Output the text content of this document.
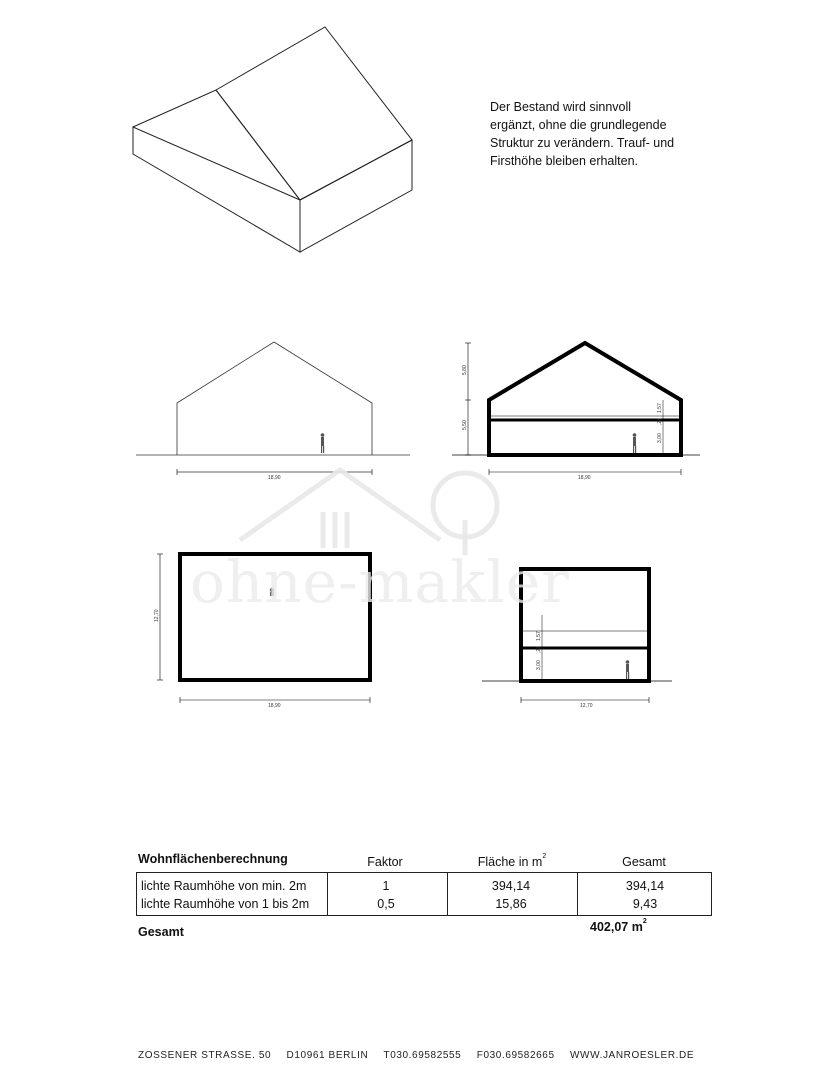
18,90
5,80
5,50
3,00
,23
1,57
18,90
12,70
18,90
3,00
,23
1,57
12,70
ohne-makler
Der Bestand wird sinnvoll
ergänzt, ohne die grundlegende
Struktur zu verändern. Trauf- und
Firsthöhe bleiben erhalten.
Wohnflächenberechnung	Faktor	Fläche in $m^2$	Gesamt
lichte Raumhöhe von min. 2m	1	394,14	394,14
lichte Raumhöhe von 1 bis 2m	0,5	15,86	9,43
Gesamt	402,07 $m^2$
ZOSSENER STRASSE. 50 D10961 BERLIN T030.69582555 F030.69582665 WWW.JANROESLER.DE
